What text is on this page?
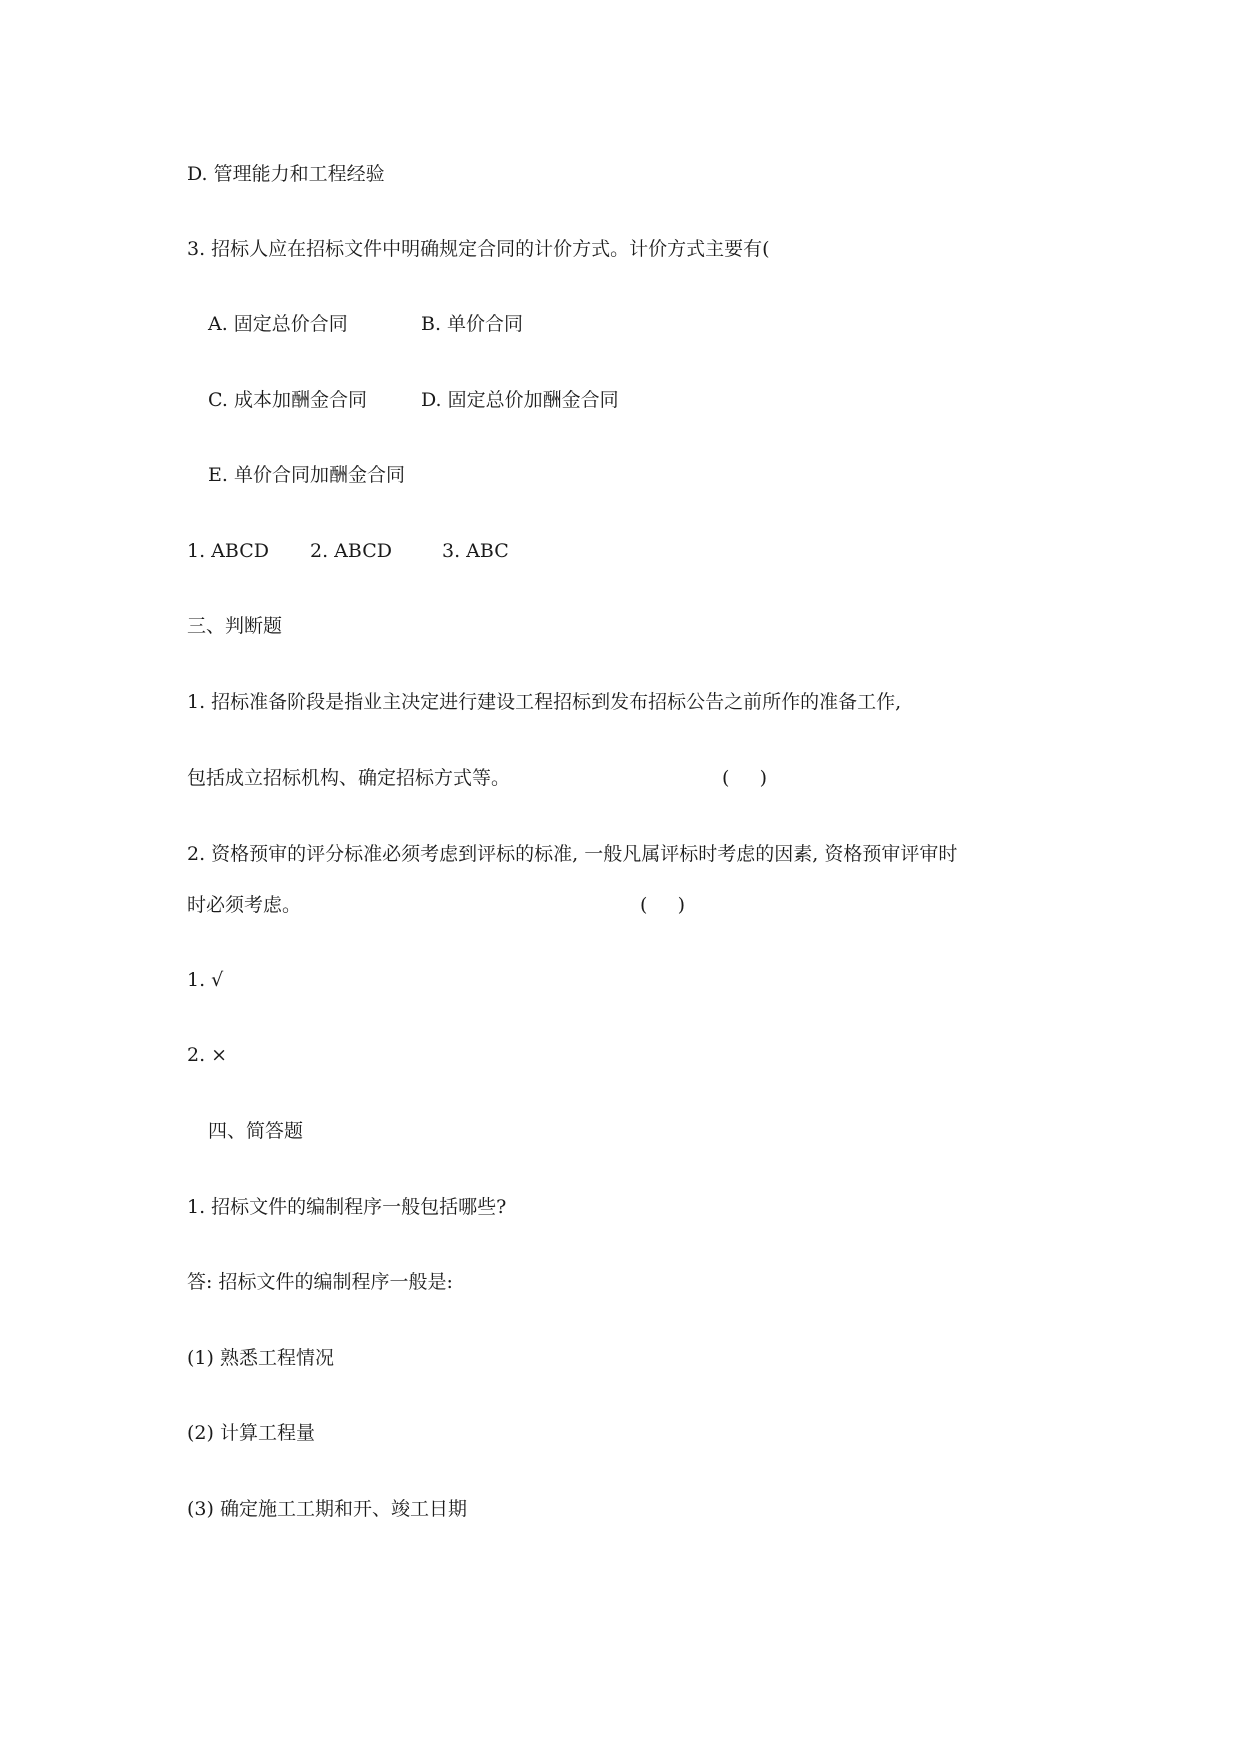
D. 管理能力和工程经验
3. 招标人应在招标文件中明确规定合同的计价方式。计价方式主要有(
A. 固定总价合同	B. 单价合同
C. 成本加酬金合同	D. 固定总价加酬金合同
E. 单价合同加酬金合同
1. ABCD 2. ABCD	3. ABC
三、判断题
1. 招标准备阶段是指业主决定进行建设工程招标到发布招标公告之前所作的准备工作,
包括成立招标机构、确定招标方式等。	(     )
2. 资格预审的评分标准必须考虑到评标的标准, 一般凡属评标时考虑的因素, 资格预审评审时
时必须考虑。	(     )
1. √
2. ×
四、简答题
1. 招标文件的编制程序一般包括哪些?
答: 招标文件的编制程序一般是:
(1) 熟悉工程情况
(2) 计算工程量
(3) 确定施工工期和开、竣工日期
